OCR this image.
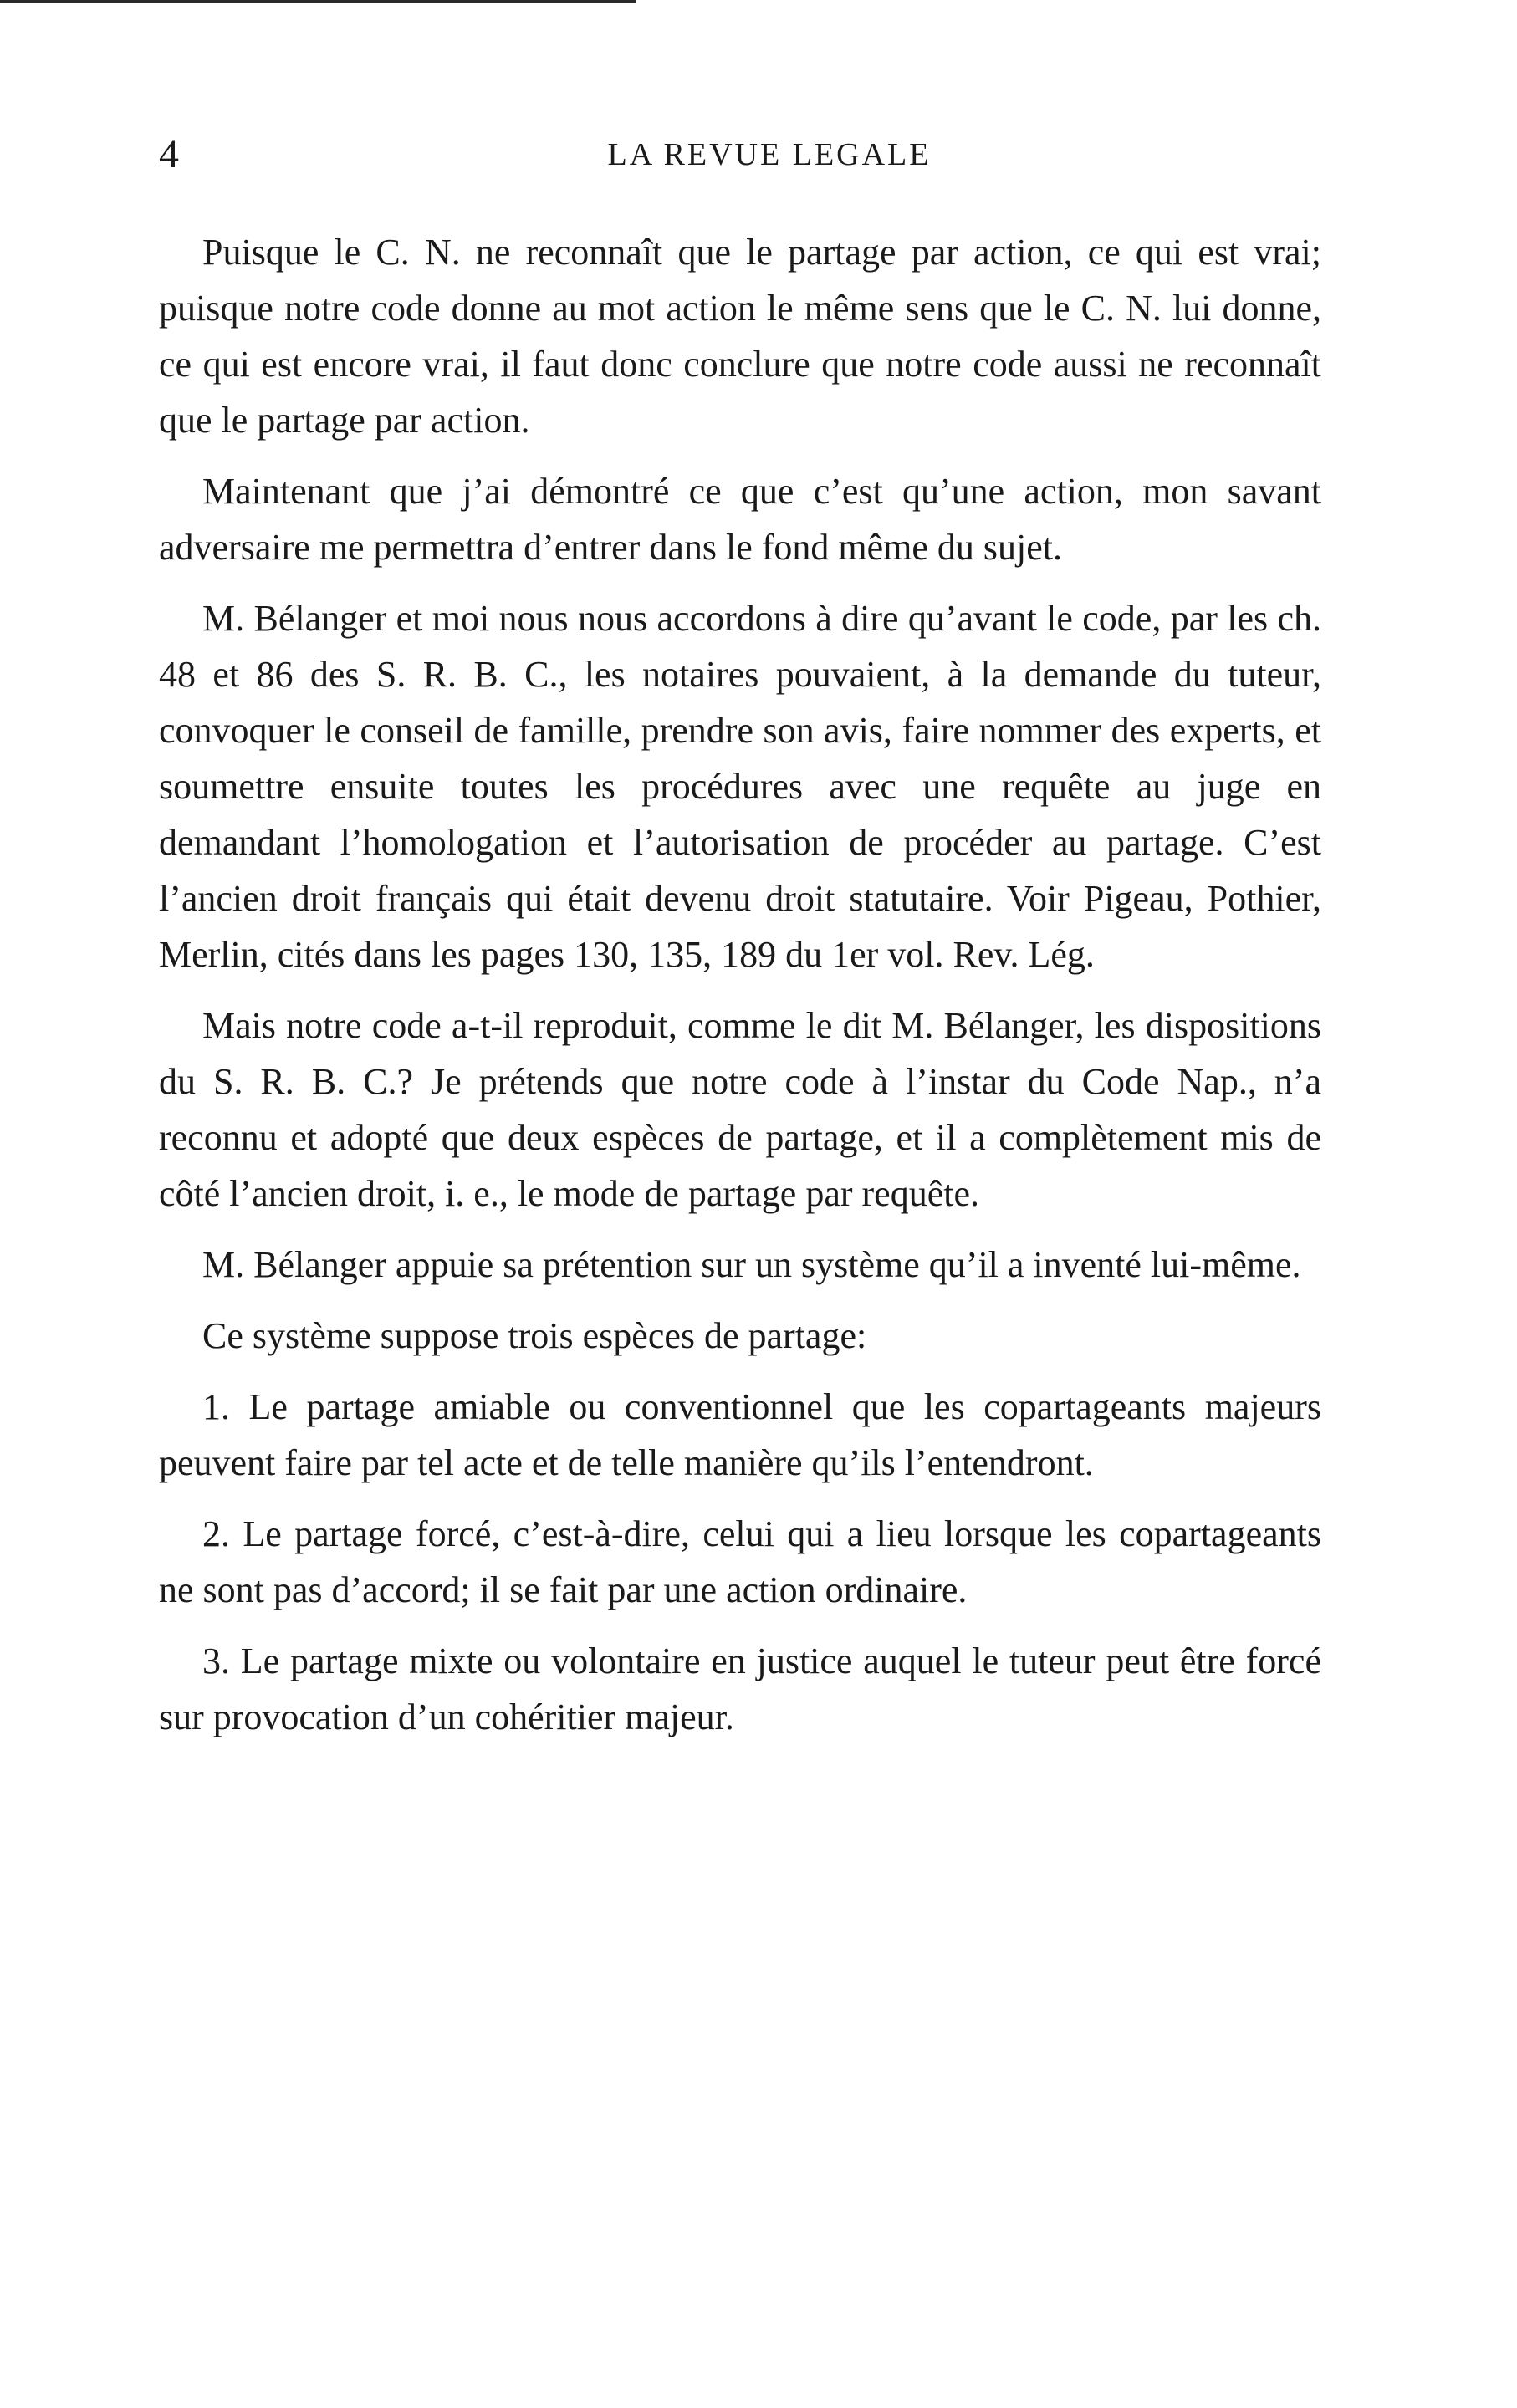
4	LA REVUE LEGALE

Puisque le C. N. ne reconnaît que le partage par action, ce qui est vrai; puisque notre code donne au mot action le même sens que le C. N. lui donne, ce qui est encore vrai, il faut donc conclure que notre code aussi ne reconnaît que le partage par action.

Maintenant que j’ai démontré ce que c’est qu’une action, mon savant adversaire me permettra d’entrer dans le fond même du sujet.

M. Bélanger et moi nous nous accordons à dire qu’avant le code, par les ch. 48 et 86 des S. R. B. C., les notaires pouvaient, à la demande du tuteur, convoquer le conseil de famille, prendre son avis, faire nommer des experts, et soumettre ensuite toutes les procédures avec une requête au juge en demandant l’homologation et l’autorisation de procéder au partage. C’est l’ancien droit français qui était devenu droit statutaire. Voir Pigeau, Pothier, Merlin, cités dans les pages 130, 135, 189 du 1er vol. Rev. Lég.

Mais notre code a-t-il reproduit, comme le dit M. Bélanger, les dispositions du S. R. B. C.? Je prétends que notre code à l’instar du Code Nap., n’a reconnu et adopté que deux espèces de partage, et il a complètement mis de côté l’ancien droit, i. e., le mode de partage par requête.

M. Bélanger appuie sa prétention sur un système qu’il a inventé lui-même.

Ce système suppose trois espèces de partage:

1. Le partage amiable ou conventionnel que les copartageants majeurs peuvent faire par tel acte et de telle manière qu’ils l’entendront.

2. Le partage forcé, c’est-à-dire, celui qui a lieu lorsque les copartageants ne sont pas d’accord; il se fait par une action ordinaire.

3. Le partage mixte ou volontaire en justice auquel le tuteur peut être forcé sur provocation d’un cohéritier majeur.
